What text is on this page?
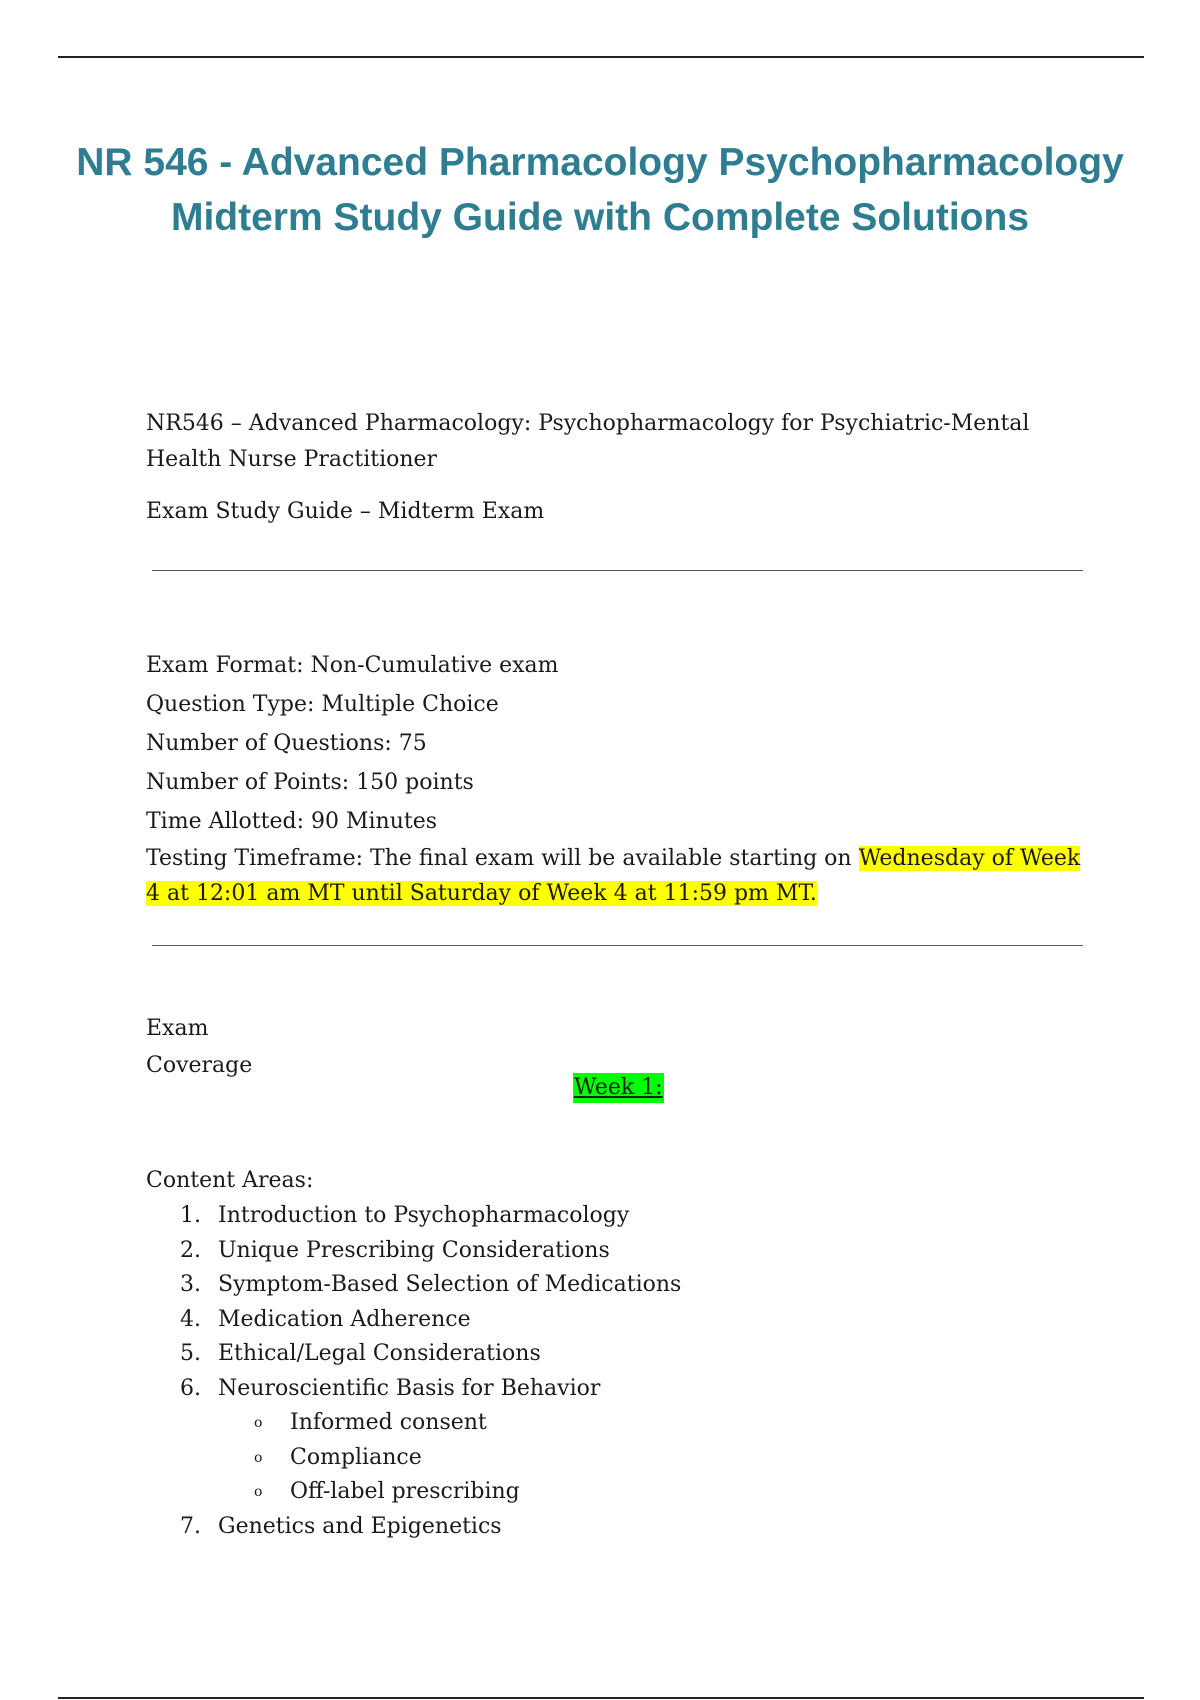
NR 546 - Advanced Pharmacology Psychopharmacology
Midterm Study Guide with Complete Solutions

NR546 – Advanced Pharmacology: Psychopharmacology for Psychiatric-Mental Health Nurse Practitioner

Exam Study Guide – Midterm Exam

Exam Format: Non-Cumulative exam
Question Type: Multiple Choice
Number of Questions: 75
Number of Points: 150 points
Time Allotted: 90 Minutes
Testing Timeframe: The final exam will be available starting on Wednesday of Week 4 at 12:01 am MT until Saturday of Week 4 at 11:59 pm MT.

Exam
Coverage

Week 1:

Content Areas:

1. Introduction to Psychopharmacology
2. Unique Prescribing Considerations
3. Symptom-Based Selection of Medications
4. Medication Adherence
5. Ethical/Legal Considerations
6. Neuroscientific Basis for Behavior
o Informed consent
o Compliance
o Off-label prescribing
7. Genetics and Epigenetics
